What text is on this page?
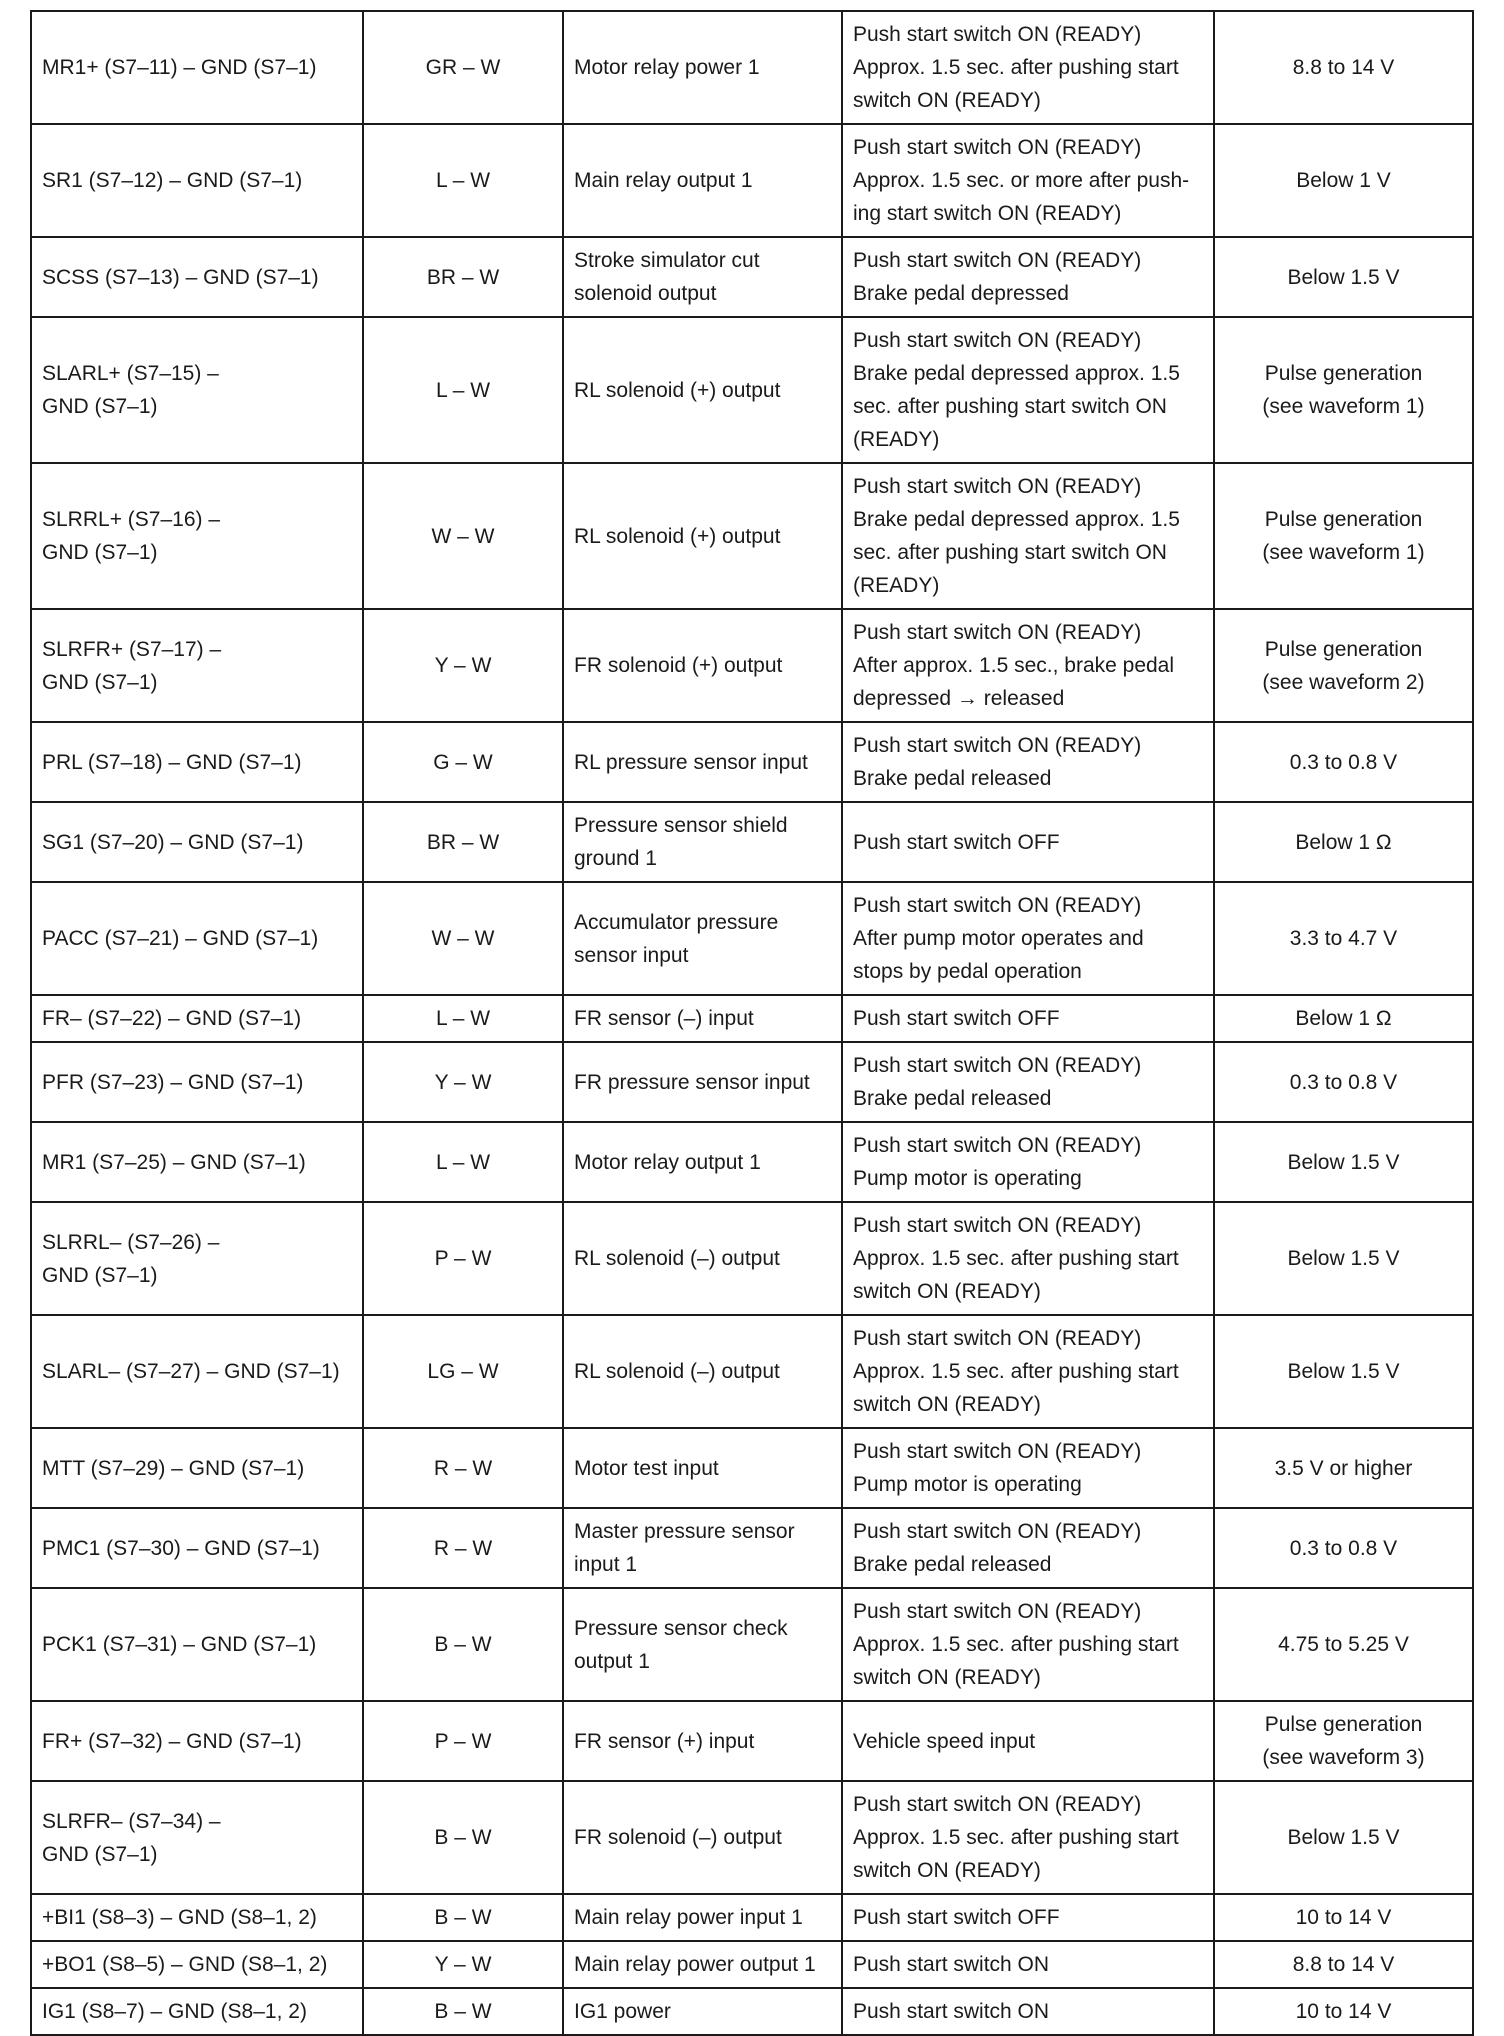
MR1+ (S7–11) – GND (S7–1)	GR – W	Motor relay power 1	Push start switch ON (READY)
Approx. 1.5 sec. after pushing start
switch ON (READY)	8.8 to 14 V

SR1 (S7–12) – GND (S7–1)	L – W	Main relay output 1	Push start switch ON (READY)
Approx. 1.5 sec. or more after push-
ing start switch ON (READY)	Below 1 V

SCSS (S7–13) – GND (S7–1)	BR – W	Stroke simulator cut
solenoid output	Push start switch ON (READY)
Brake pedal depressed	Below 1.5 V

SLARL+ (S7–15) –
GND (S7–1)	L – W	RL solenoid (+) output	Push start switch ON (READY)
Brake pedal depressed approx. 1.5
sec. after pushing start switch ON
(READY)	Pulse generation
(see waveform 1)

SLRRL+ (S7–16) –
GND (S7–1)	W – W	RL solenoid (+) output	Push start switch ON (READY)
Brake pedal depressed approx. 1.5
sec. after pushing start switch ON
(READY)	Pulse generation
(see waveform 1)

SLRFR+ (S7–17) –
GND (S7–1)	Y – W	FR solenoid (+) output	Push start switch ON (READY)
After approx. 1.5 sec., brake pedal
depressed → released	Pulse generation
(see waveform 2)

PRL (S7–18) – GND (S7–1)	G – W	RL pressure sensor input	Push start switch ON (READY)
Brake pedal released	0.3 to 0.8 V

SG1 (S7–20) – GND (S7–1)	BR – W	Pressure sensor shield
ground 1	Push start switch OFF	Below 1 Ω

PACC (S7–21) – GND (S7–1)	W – W	Accumulator pressure
sensor input	Push start switch ON (READY)
After pump motor operates and
stops by pedal operation	3.3 to 4.7 V

FR– (S7–22) – GND (S7–1)	L – W	FR sensor (–) input	Push start switch OFF	Below 1 Ω

PFR (S7–23) – GND (S7–1)	Y – W	FR pressure sensor input	Push start switch ON (READY)
Brake pedal released	0.3 to 0.8 V

MR1 (S7–25) – GND (S7–1)	L – W	Motor relay output 1	Push start switch ON (READY)
Pump motor is operating	Below 1.5 V

SLRRL– (S7–26) –
GND (S7–1)	P – W	RL solenoid (–) output	Push start switch ON (READY)
Approx. 1.5 sec. after pushing start
switch ON (READY)	Below 1.5 V

SLARL– (S7–27) – GND (S7–1)	LG – W	RL solenoid (–) output	Push start switch ON (READY)
Approx. 1.5 sec. after pushing start
switch ON (READY)	Below 1.5 V

MTT (S7–29) – GND (S7–1)	R – W	Motor test input	Push start switch ON (READY)
Pump motor is operating	3.5 V or higher

PMC1 (S7–30) – GND (S7–1)	R – W	Master pressure sensor
input 1	Push start switch ON (READY)
Brake pedal released	0.3 to 0.8 V

PCK1 (S7–31) – GND (S7–1)	B – W	Pressure sensor check
output 1	Push start switch ON (READY)
Approx. 1.5 sec. after pushing start
switch ON (READY)	4.75 to 5.25 V

FR+ (S7–32) – GND (S7–1)	P – W	FR sensor (+) input	Vehicle speed input	Pulse generation
(see waveform 3)

SLRFR– (S7–34) –
GND (S7–1)	B – W	FR solenoid (–) output	Push start switch ON (READY)
Approx. 1.5 sec. after pushing start
switch ON (READY)	Below 1.5 V

+BI1 (S8–3) – GND (S8–1, 2)	B – W	Main relay power input 1	Push start switch OFF	10 to 14 V

+BO1 (S8–5) – GND (S8–1, 2)	Y – W	Main relay power output 1	Push start switch ON	8.8 to 14 V

IG1 (S8–7) – GND (S8–1, 2)	B – W	IG1 power	Push start switch ON	10 to 14 V
